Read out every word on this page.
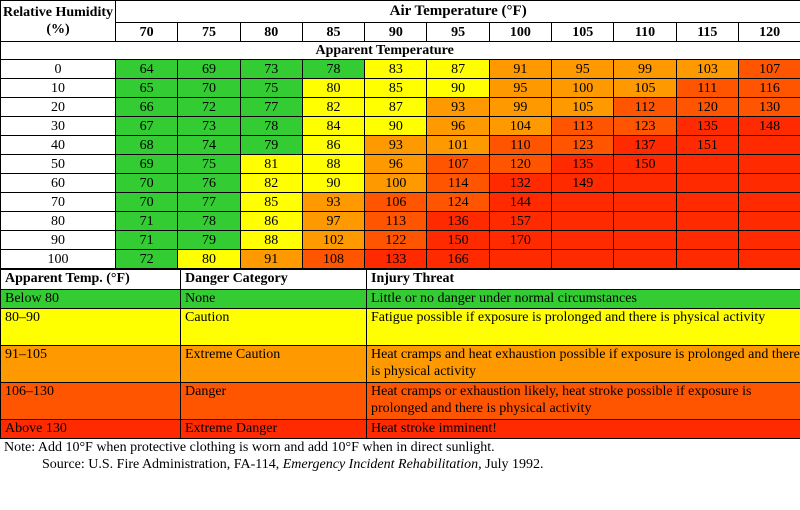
Relative Humidity (%)	Air Temperature (°F)										
	70	75	80	85	90	95	100	105	110	115	120
	Apparent Temperature										
0	64	69	73	78	83	87	91	95	99	103	107
10	65	70	75	80	85	90	95	100	105	111	116
20	66	72	77	82	87	93	99	105	112	120	130
30	67	73	78	84	90	96	104	113	123	135	148
40	68	74	79	86	93	101	110	123	137	151	
50	69	75	81	88	96	107	120	135	150		
60	70	76	82	90	100	114	132	149			
70	70	77	85	93	106	124	144				
80	71	78	86	97	113	136	157				
90	71	79	88	102	122	150	170				
100	72	80	91	108	133	166					
Apparent Temp. (°F)	Danger Category	Injury Threat
Below 80	None	Little or no danger under normal circumstances
80–90	Caution	Fatigue possible if exposure is prolonged and there is physical activity
91–105	Extreme Caution	Heat cramps and heat exhaustion possible if exposure is prolonged and there is physical activity
106–130	Danger	Heat cramps or exhaustion likely, heat stroke possible if exposure is prolonged and there is physical activity
Above 130	Extreme Danger	Heat stroke imminent!
Note: Add 10°F when protective clothing is worn and add 10°F when in direct sunlight.
Source: U.S. Fire Administration, FA-114, Emergency Incident Rehabilitation, July 1992.
